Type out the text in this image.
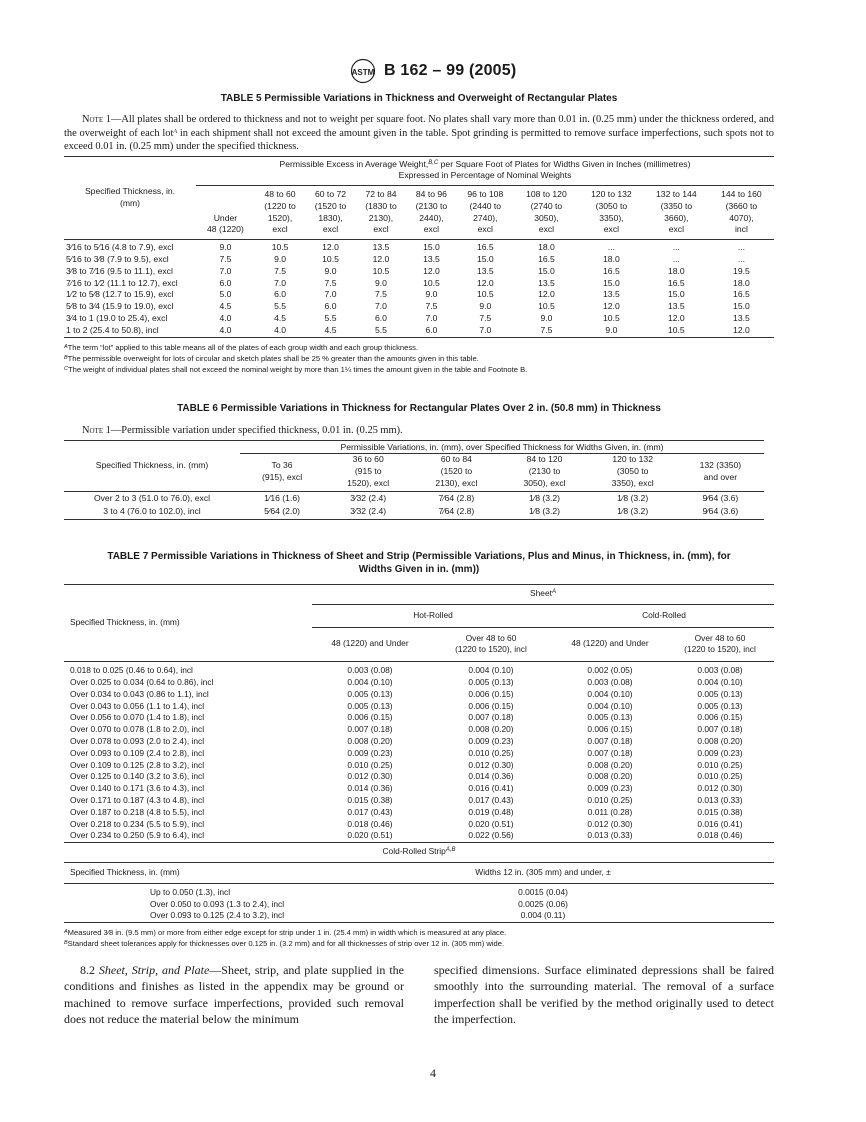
ASTM B 162 – 99 (2005)
TABLE 5 Permissible Variations in Thickness and Overweight of Rectangular Plates
Note 1—All plates shall be ordered to thickness and not to weight per square foot. No plates shall vary more than 0.01 in. (0.25 mm) under the thickness ordered, and the overweight of each lot$^A$ in each shipment shall not exceed the amount given in the table. Spot grinding is permitted to remove surface imperfections, such spots not to exceed 0.01 in. (0.25 mm) under the specified thickness.
Specified Thickness, in.
(mm)

Permissible Excess in Average Weight,$^{B,C}$ per Square Foot of Plates for Widths Given in Inches (millimetres)
Expressed in Percentage of Nominal Weights

Under
48 (1220)

48 to 60
(1220 to
1520),
excl

60 to 72
(1520 to
1830),
excl

72 to 84
(1830 to
2130),
excl

84 to 96
(2130 to
2440),
excl

96 to 108
(2440 to
2740),
excl

108 to 120
(2740 to
3050),
excl

120 to 132
(3050 to
3350),
excl

132 to 144
(3350 to
3660),
excl

144 to 160
(3660 to
4070),
incl

3⁄16 to 5⁄16 (4.8 to 7.9), excl	9.0	10.5	12.0	13.5	15.0	16.5	18.0	...	...	...
5⁄16 to 3⁄8 (7.9 to 9.5), excl	7.5	9.0	10.5	12.0	13.5	15.0	16.5	18.0	...	...
3⁄8 to 7⁄16 (9.5 to 11.1), excl	7.0	7.5	9.0	10.5	12.0	13.5	15.0	16.5	18.0	19.5
7⁄16 to 1⁄2 (11.1 to 12.7), excl	6.0	7.0	7.5	9.0	10.5	12.0	13.5	15.0	16.5	18.0
1⁄2 to 5⁄8 (12.7 to 15.9), excl	5.0	6.0	7.0	7.5	9.0	10.5	12.0	13.5	15.0	16.5
5⁄8 to 3⁄4 (15.9 to 19.0), excl	4.5	5.5	6.0	7.0	7.5	9.0	10.5	12.0	13.5	15.0
3⁄4 to 1 (19.0 to 25.4), excl	4.0	4.5	5.5	6.0	7.0	7.5	9.0	10.5	12.0	13.5
1 to 2 (25.4 to 50.8), incl	4.0	4.0	4.5	5.5	6.0	7.0	7.5	9.0	10.5	12.0
$^A$The term “lot” applied to this table means all of the plates of each group width and each group thickness.
$^B$The permissible overweight for lots of circular and sketch plates shall be 25 % greater than the amounts given in this table.
$^C$The weight of individual plates shall not exceed the nominal weight by more than 1¼ times the amount given in the table and Footnote B.
TABLE 6 Permissible Variations in Thickness for Rectangular Plates Over 2 in. (50.8 mm) in Thickness
Note 1—Permissible variation under specified thickness, 0.01 in. (0.25 mm).
Specified Thickness, in. (mm)	Permissible Variations, in. (mm), over Specified Thickness for Widths Given, in. (mm)					

To 36
(915), excl

36 to 60
(915 to
1520), excl

60 to 84
(1520 to
2130), excl

84 to 120
(2130 to
3050), excl

120 to 132
(3050 to
3350), excl

132 (3350)
and over

Over 2 to 3 (51.0 to 76.0), excl	1⁄16 (1.6)	3⁄32 (2.4)	7⁄64 (2.8)	1⁄8 (3.2)	1⁄8 (3.2)	9⁄64 (3.6)
3 to 4 (76.0 to 102.0), incl	5⁄64 (2.0)	3⁄32 (2.4)	7⁄64 (2.8)	1⁄8 (3.2)	1⁄8 (3.2)	9⁄64 (3.6)
TABLE 7 Permissible Variations in Thickness of Sheet and Strip (Permissible Variations, Plus and Minus, in Thickness, in. (mm), for
Widths Given in in. (mm))
Specified Thickness, in. (mm)	Sheet$^A$
	Hot-Rolled		Cold-Rolled	

48 (1220) and Under

Over 48 to 60
(1220 to 1520), incl

48 (1220) and Under

Over 48 to 60
(1220 to 1520), incl

0.018 to 0.025 (0.46 to 0.64), incl	0.003 (0.08)	0.004 (0.10)	0.002 (0.05)	0.003 (0.08)
Over 0.025 to 0.034 (0.64 to 0.86), incl	0.004 (0.10)	0.005 (0.13)	0.003 (0.08)	0.004 (0.10)
Over 0.034 to 0.043 (0.86 to 1.1), incl	0.005 (0.13)	0.006 (0.15)	0.004 (0.10)	0.005 (0.13)
Over 0.043 to 0.056 (1.1 to 1.4), incl	0.005 (0.13)	0.006 (0.15)	0.004 (0.10)	0.005 (0.13)
Over 0.056 to 0.070 (1.4 to 1.8), incl	0.006 (0.15)	0.007 (0.18)	0.005 (0.13)	0.006 (0.15)
Over 0.070 to 0.078 (1.8 to 2.0), incl	0.007 (0.18)	0.008 (0.20)	0.006 (0.15)	0.007 (0.18)
Over 0.078 to 0.093 (2.0 to 2.4), incl	0.008 (0.20)	0.009 (0.23)	0.007 (0.18)	0.008 (0.20)
Over 0.093 to 0.109 (2.4 to 2.8), incl	0.009 (0.23)	0.010 (0.25)	0.007 (0.18)	0.009 (0.23)
Over 0.109 to 0.125 (2.8 to 3.2), incl	0.010 (0.25)	0.012 (0.30)	0.008 (0.20)	0.010 (0.25)
Over 0.125 to 0.140 (3.2 to 3.6), incl	0.012 (0.30)	0.014 (0.36)	0.008 (0.20)	0.010 (0.25)
Over 0.140 to 0.171 (3.6 to 4.3), incl	0.014 (0.36)	0.016 (0.41)	0.009 (0.23)	0.012 (0.30)
Over 0.171 to 0.187 (4.3 to 4.8), incl	0.015 (0.38)	0.017 (0.43)	0.010 (0.25)	0.013 (0.33)
Over 0.187 to 0.218 (4.8 to 5.5), incl	0.017 (0.43)	0.019 (0.48)	0.011 (0.28)	0.015 (0.38)
Over 0.218 to 0.234 (5.5 to 5.9), incl	0.018 (0.46)	0.020 (0.51)	0.012 (0.30)	0.016 (0.41)
Over 0.234 to 0.250 (5.9 to 6.4), incl	0.020 (0.51)	0.022 (0.56)	0.013 (0.33)	0.018 (0.46)
Cold-Rolled Strip$^{A,B}$
Specified Thickness, in. (mm)	Widths 12 in. (305 mm) and under, ±			
Up to 0.050 (1.3), incl	0.0015 (0.04)			
Over 0.050 to 0.093 (1.3 to 2.4), incl	0.0025 (0.06)			
Over 0.093 to 0.125 (2.4 to 3.2), incl	0.004 (0.11)			
$^A$Measured 3⁄8 in. (9.5 mm) or more from either edge except for strip under 1 in. (25.4 mm) in width which is measured at any place.
$^B$Standard sheet tolerances apply for thicknesses over 0.125 in. (3.2 mm) and for all thicknesses of strip over 12 in. (305 mm) wide.
8.2 Sheet, Strip, and Plate—Sheet, strip, and plate supplied in the conditions and finishes as listed in the appendix may be ground or machined to remove surface imperfections, provided such removal does not reduce the material below the minimum
specified dimensions. Surface eliminated depressions shall be faired smoothly into the surrounding material. The removal of a surface imperfection shall be verified by the method originally used to detect the imperfection.
4
